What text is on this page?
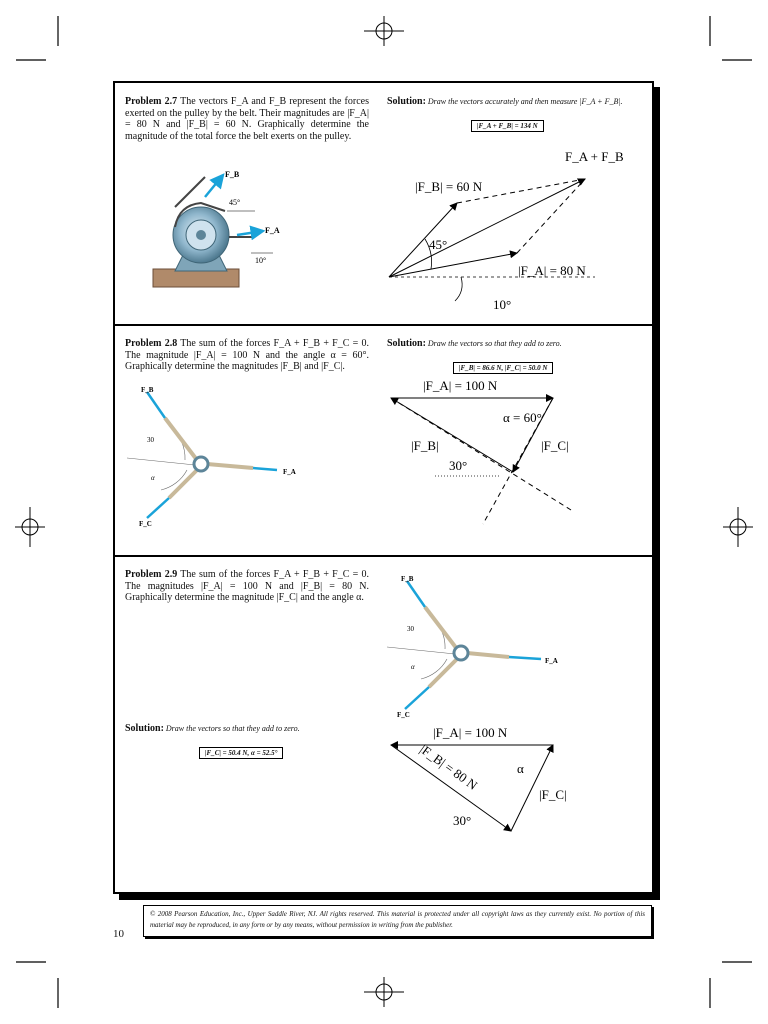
Problem 2.7 The vectors F_A and F_B represent the forces exerted on the pulley by the belt. Their magnitudes are |F_A| = 80 N and |F_B| = 60 N. Graphically determine the magnitude of the total force the belt exerts on the pulley.
F_B
F_A
45°
10°
Solution: Draw the vectors accurately and then measure |F_A + F_B|.
|F_A + F_B| = 134 N
F_A + F_B
|F_B| = 60 N
|F_A| = 80 N
45°
10°
Problem 2.8 The sum of the forces F_A + F_B + F_C = 0. The magnitude |F_A| = 100 N and the angle α = 60°. Graphically determine the magnitudes |F_B| and |F_C|.
F_B
F_A
F_C
30
α
Solution: Draw the vectors so that they add to zero.
|F_B| = 86.6 N, |F_C| = 50.0 N
|F_A| = 100 N
α = 60°
|F_B|	|F_C|
30°
Problem 2.9 The sum of the forces F_A + F_B + F_C = 0. The magnitudes |F_A| = 100 N and |F_B| = 80 N. Graphically determine the magnitude |F_C| and the angle α.
F_B
F_A
F_C
30
α
Solution: Draw the vectors so that they add to zero.
|F_C| = 50.4 N, α = 52.5°
|F_A| = 100 N
|F_B| = 80 N	α
|F_C|
30°
10
© 2008 Pearson Education, Inc., Upper Saddle River, NJ. All rights reserved. This material is protected under all copyright laws as they currently exist. No portion of this material may be reproduced, in any form or by any means, without permission in writing from the publisher.
